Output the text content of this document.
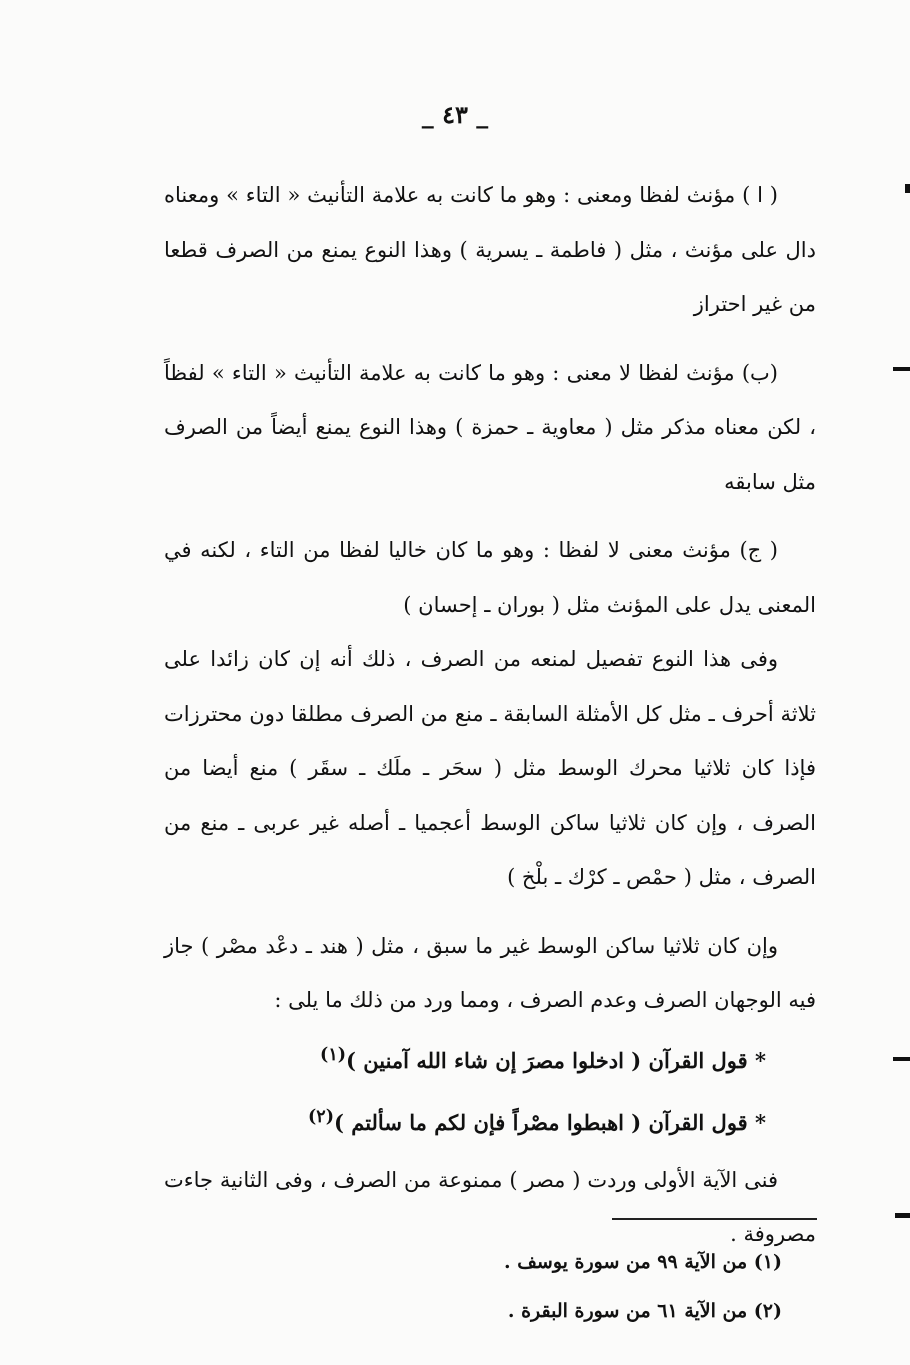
_ ٤٣ _

( ا ) مؤنث لفظا ومعنى : وهو ما كانت به علامة التأنيث « التاء » ومعناه دال على مؤنث ، مثل ( فاطمة ـ يسرية ) وهذا النوع يمنع من الصرف قطعا من غير احتراز

(ب) مؤنث لفظا لا معنى : وهو ما كانت به علامة التأنيث « التاء » لفظاً ، لكن معناه مذكر مثل ( معاوية ـ حمزة ) وهذا النوع يمنع أيضاً من الصرف مثل سابقه

( ج) مؤنث معنى لا لفظا : وهو ما كان خاليا لفظا من التاء ، لكنه في المعنى يدل على المؤنث مثل ( بوران ـ إحسان )

وفى هذا النوع تفصيل لمنعه من الصرف ، ذلك أنه إن كان زائدا على ثلاثة أحرف ـ مثل كل الأمثلة السابقة ـ منع من الصرف مطلقا دون محترزات فإذا كان ثلاثيا محرك الوسط مثل ( سحَر ـ ملَك ـ سقَر ) منع أيضا من الصرف ، وإن كان ثلاثيا ساكن الوسط أعجميا ـ أصله غير عربى ـ منع من الصرف ، مثل ( حمْص ـ كرْك ـ بلْخ )

وإن كان ثلاثيا ساكن الوسط غير ما سبق ، مثل ( هند ـ دعْد مصْر ) جاز فيه الوجهان الصرف وعدم الصرف ، ومما ورد من ذلك ما يلى :

* قول القرآن ( ادخلوا مصرَ إن شاء الله آمنين )$^{(١)}$

* قول القرآن ( اهبطوا مصْراً فإن لكم ما سألتم )$^{(٢)}$

فنى الآية الأولى وردت ( مصر ) ممنوعة من الصرف ، وفى الثانية جاءت مصروفة .

(١) من الآية ٩٩ من سورة يوسف .
(٢) من الآية ٦١ من سورة البقرة .
